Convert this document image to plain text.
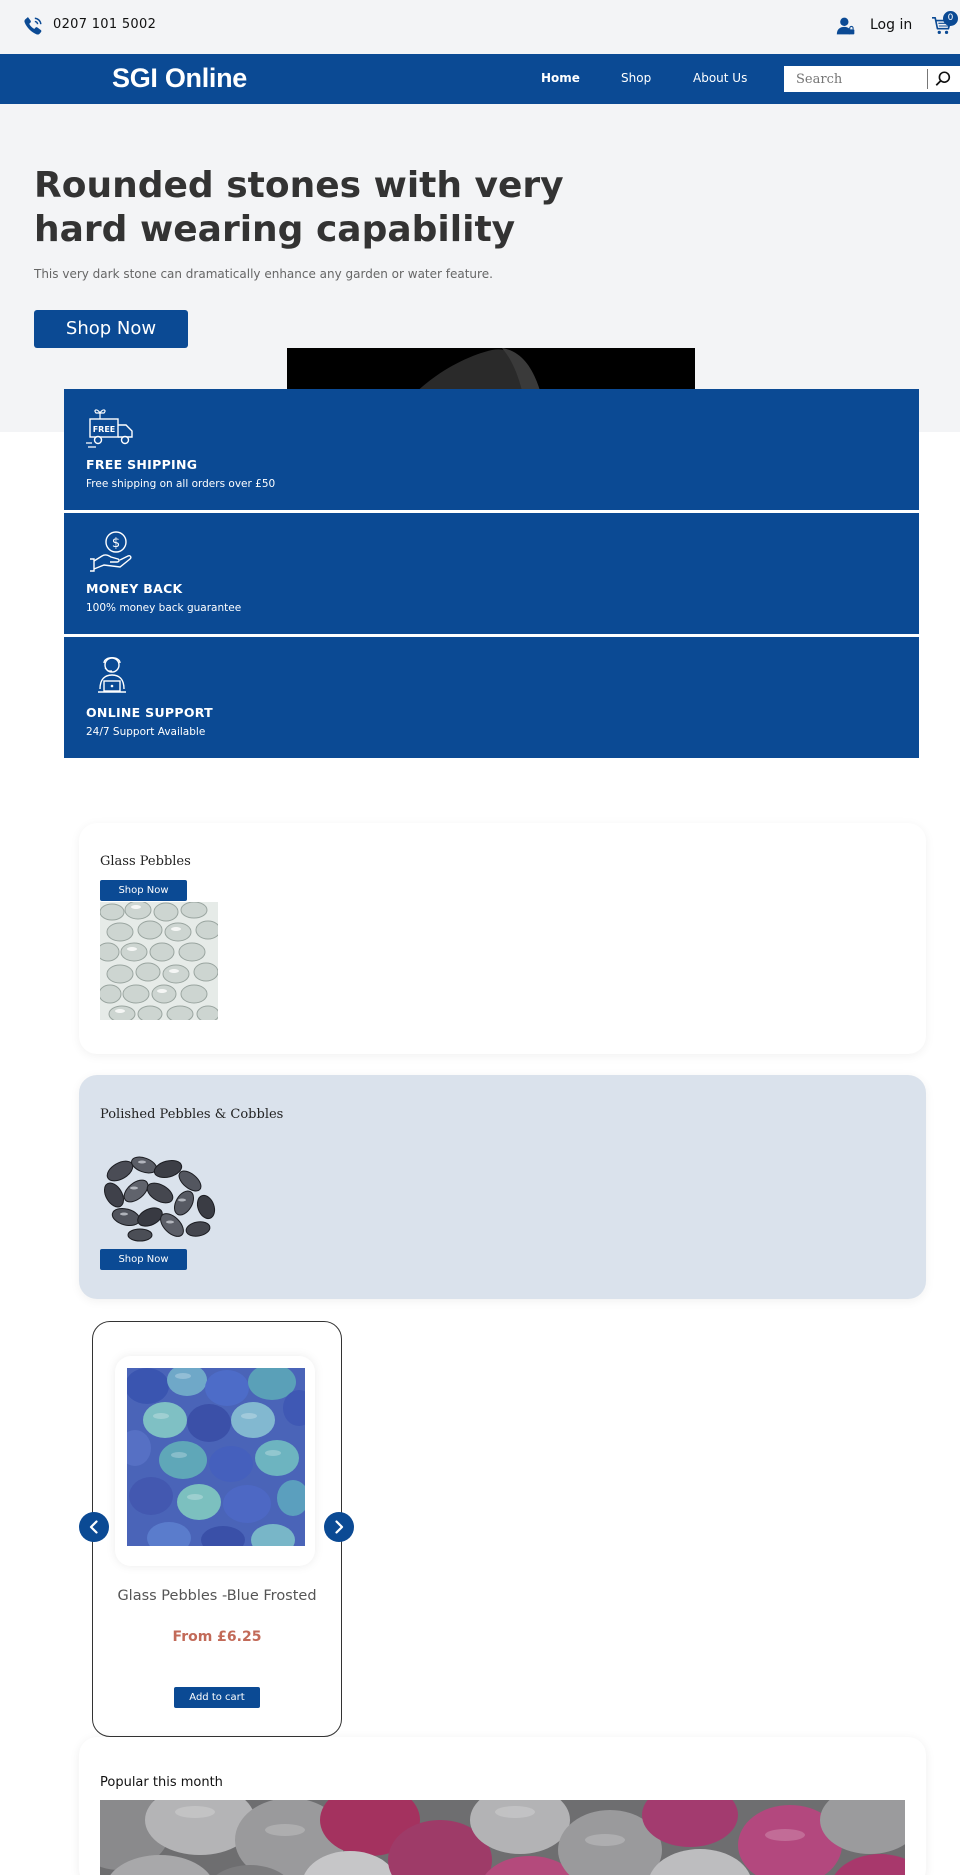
0207 101 5002	Log in	0
SGI Online	Home	Shop	About Us
Search
Rounded stones with very hard wearing capability

This very dark stone can dramatically enhance any garden or water feature.

Shop Now
FREE
FREE SHIPPING
Free shipping on all orders over £50
$
MONEY BACK
100% money back guarantee
ONLINE SUPPORT
24/7 Support Available
Glass Pebbles
Shop Now
Polished Pebbles & Cobbles
Shop Now
Glass Pebbles -Blue Frosted
From £6.25
Add to cart
Popular this month
